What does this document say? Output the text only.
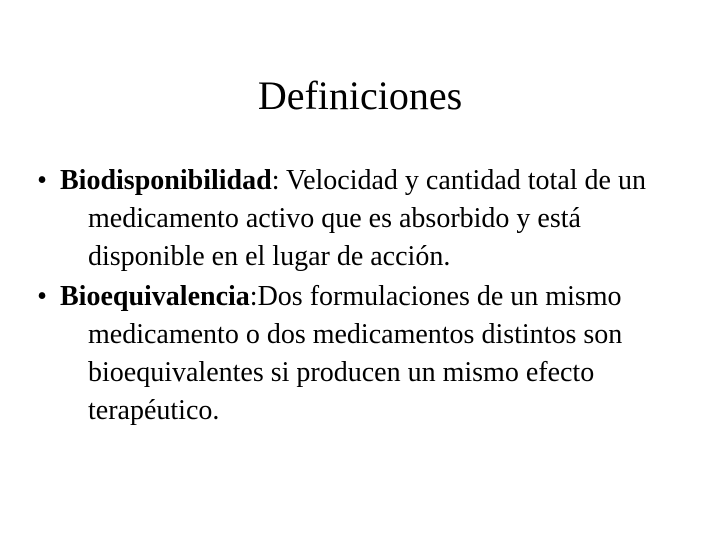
Definiciones
• Biodisponibilidad: Velocidad y cantidad total de un medicamento activo que es absorbido y está disponible en el lugar de acción.
• Bioequivalencia:Dos formulaciones de un mismo medicamento o dos medicamentos distintos son bioequivalentes si producen un mismo efecto terapéutico.
